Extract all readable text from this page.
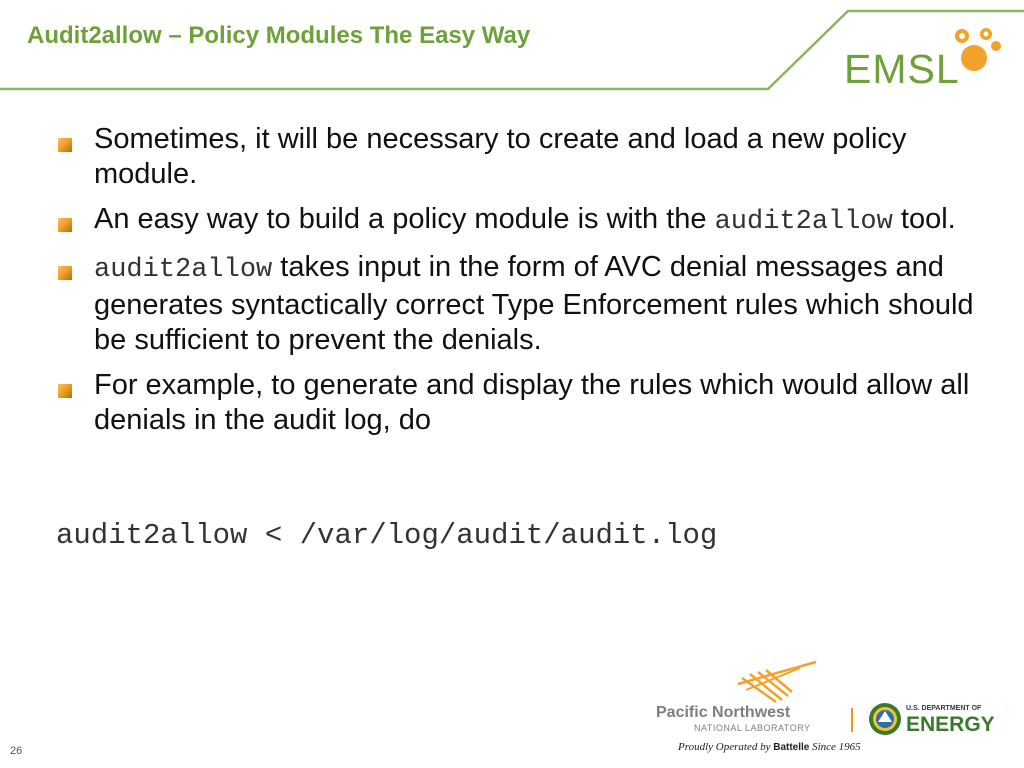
Audit2allow – Policy Modules The Easy Way
EMSL
Sometimes, it will be necessary to create and load a new policy module.
An easy way to build a policy module is with the audit2allow tool.
audit2allow takes input in the form of AVC denial messages and generates syntactically correct Type Enforcement rules which should be sufficient to prevent the denials.
For example, to generate and display the rules which would allow all denials in the audit log, do

audit2allow < /var/log/audit/audit.log

Pacific Northwest
NATIONAL LABORATORY
U.S. DEPARTMENT OF
ENERGY
Proudly Operated by Battelle Since 1965
26
